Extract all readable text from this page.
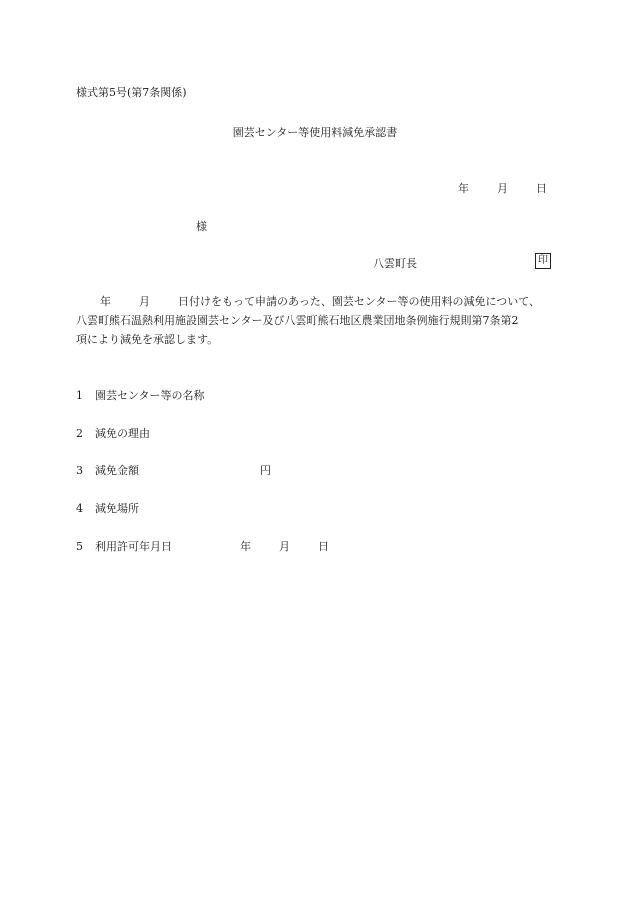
様式第5号(第7条関係)
園芸センター等使用料減免承認書
年	月	日
様
八雲町長	印
年	月	日付けをもって申請のあった、園芸センター等の使用料の減免について、
八雲町熊石温熱利用施設園芸センター及び八雲町熊石地区農業団地条例施行規則第7条第2
項により減免を承認します。
1 園芸センター等の名称
2 減免の理由
3 減免金額	円
4 減免場所
5 利用許可年月日	年	月	日
